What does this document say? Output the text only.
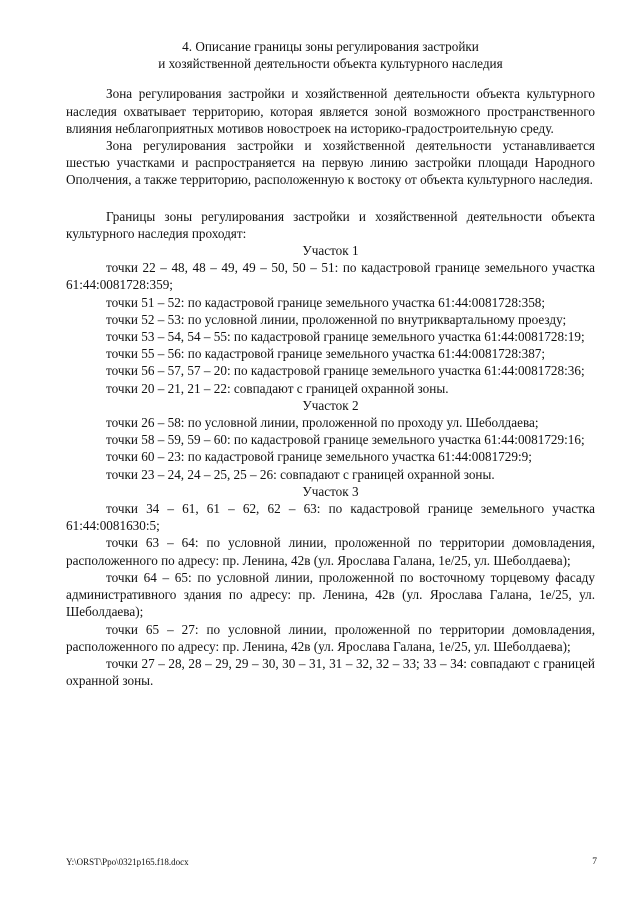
4. Описание границы зоны регулирования застройки

и хозяйственной деятельности объекта культурного наследия

Зона регулирования застройки и хозяйственной деятельности объекта культурного наследия охватывает территорию, которая является зоной возможного пространственного влияния неблагоприятных мотивов новостроек на историко-градостроительную среду.

Зона регулирования застройки и хозяйственной деятельности устанавливается шестью участками и распространяется на первую линию застройки площади Народного Ополчения, а также территорию, расположенную к востоку от объекта культурного наследия.

Границы зоны регулирования застройки и хозяйственной деятельности объекта культурного наследия проходят:

Участок 1

точки 22 – 48, 48 – 49, 49 – 50, 50 – 51: по кадастровой границе земельного участка 61:44:0081728:359;

точки 51 – 52: по кадастровой границе земельного участка 61:44:0081728:358;

точки 52 – 53: по условной линии, проложенной по внутриквартальному проезду;

точки 53 – 54, 54 – 55: по кадастровой границе земельного участка 61:44:0081728:19;

точки 55 – 56: по кадастровой границе земельного участка 61:44:0081728:387;

точки 56 – 57, 57 – 20: по кадастровой границе земельного участка 61:44:0081728:36;

точки 20 – 21, 21 – 22: совпадают с границей охранной зоны.

Участок 2

точки 26 – 58: по условной линии, проложенной по проходу ул. Шеболдаева;

точки 58 – 59, 59 – 60: по кадастровой границе земельного участка 61:44:0081729:16;

точки 60 – 23: по кадастровой границе земельного участка 61:44:0081729:9;

точки 23 – 24, 24 – 25, 25 – 26: совпадают с границей охранной зоны.

Участок 3

точки 34 – 61, 61 – 62, 62 – 63: по кадастровой границе земельного участка 61:44:0081630:5;

точки 63 – 64: по условной линии, проложенной по территории домовладения, расположенного по адресу: пр. Ленина, 42в (ул. Ярослава Галана, 1е/25, ул. Шеболдаева);

точки 64 – 65: по условной линии, проложенной по восточному торцевому фасаду административного здания по адресу: пр. Ленина, 42в (ул. Ярослава Галана, 1е/25, ул. Шеболдаева);

точки 65 – 27: по условной линии, проложенной по территории домовладения, расположенного по адресу: пр. Ленина, 42в (ул. Ярослава Галана, 1е/25, ул. Шеболдаева);

точки 27 – 28, 28 – 29, 29 – 30, 30 – 31, 31 – 32, 32 – 33; 33 – 34: совпадают с границей охранной зоны.

Y:\ORST\Ppo\0321p165.f18.docx	7
